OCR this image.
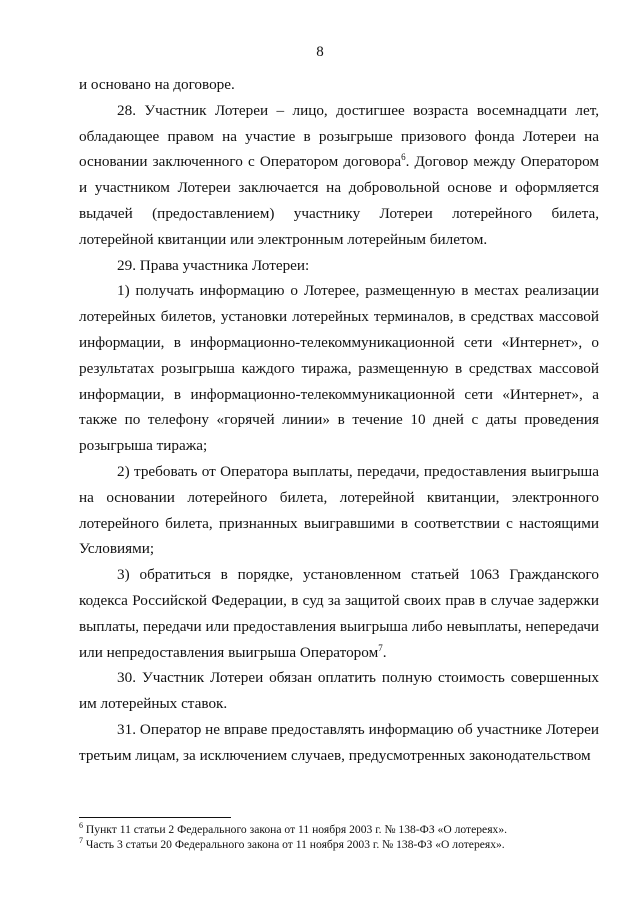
8

и основано на договоре.

28. Участник Лотереи – лицо, достигшее возраста восемнадцати лет, обладающее правом на участие в розыгрыше призового фонда Лотереи на основании заключенного с Оператором договора$^6$. Договор между Оператором и участником Лотереи заключается на добровольной основе и оформляется выдачей (предоставлением) участнику Лотереи лотерейного билета, лотерейной квитанции или электронным лотерейным билетом.

29. Права участника Лотереи:

1) получать информацию о Лотерее, размещенную в местах реализации лотерейных билетов, установки лотерейных терминалов, в средствах массовой информации, в информационно-телекоммуникационной сети «Интернет», о результатах розыгрыша каждого тиража, размещенную в средствах массовой информации, в информационно-телекоммуникационной сети «Интернет», а также по телефону «горячей линии» в течение 10 дней с даты проведения розыгрыша тиража;

2) требовать от Оператора выплаты, передачи, предоставления выигрыша на основании лотерейного билета, лотерейной квитанции, электронного лотерейного билета, признанных выигравшими в соответствии с настоящими Условиями;

3) обратиться в порядке, установленном статьей 1063 Гражданского кодекса Российской Федерации, в суд за защитой своих прав в случае задержки выплаты, передачи или предоставления выигрыша либо невыплаты, непередачи или непредоставления выигрыша Оператором$^7$.

30. Участник Лотереи обязан оплатить полную стоимость совершенных им лотерейных ставок.

31. Оператор не вправе предоставлять информацию об участнике Лотереи третьим лицам, за исключением случаев, предусмотренных законодательством

$^6$ Пункт 11 статьи 2 Федерального закона от 11 ноября 2003 г. № 138-ФЗ «О лотереях».

$^7$ Часть 3 статьи 20 Федерального закона от 11 ноября 2003 г. № 138-ФЗ «О лотереях».
